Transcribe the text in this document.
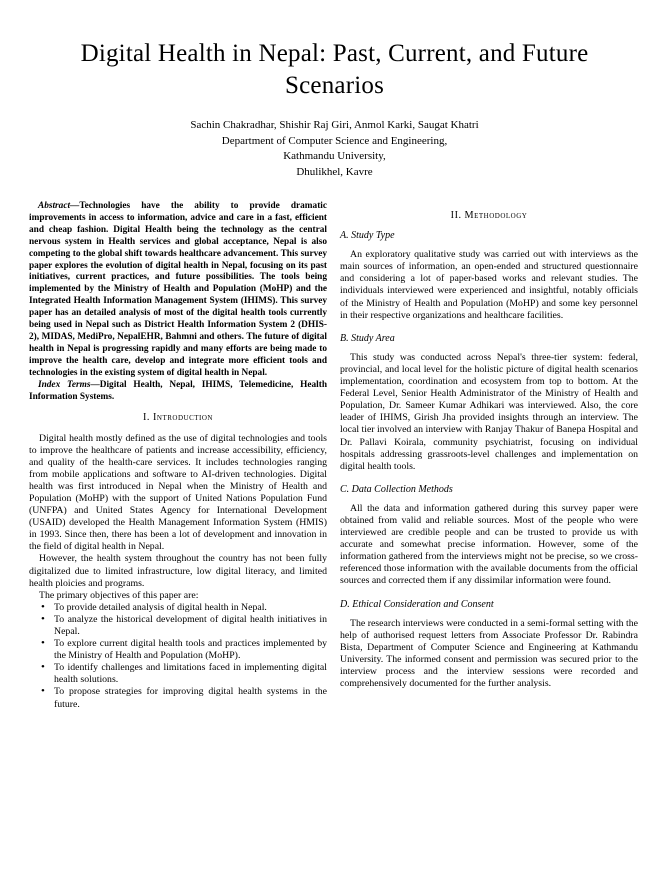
Digital Health in Nepal: Past, Current, and Future Scenarios
Sachin Chakradhar, Shishir Raj Giri, Anmol Karki, Saugat Khatri
Department of Computer Science and Engineering,
Kathmandu University,
Dhulikhel, Kavre

Abstract—Technologies have the ability to provide dramatic improvements in access to information, advice and care in a fast, efficient and cheap fashion. Digital Health being the technology as the central nervous system in Health services and global acceptance, Nepal is also competing to the global shift towards healthcare advancement. This survey paper explores the evolution of digital health in Nepal, focusing on its past initiatives, current practices, and future possibilities. The tools being implemented by the Ministry of Health and Population (MoHP) and the Integrated Health Information Management System (IHIMS). This survey paper has an detailed analysis of most of the digital health tools currently being used in Nepal such as District Health Information System 2 (DHIS-2), MIDAS, MediPro, NepalEHR, Bahmni and others. The future of digital health in Nepal is progressing rapidly and many efforts are being made to improve the health care, develop and integrate more efficient tools and technologies in the existing system of digital health in Nepal.

Index Terms—Digital Health, Nepal, IHIMS, Telemedicine, Health Information Systems.

I. Introduction

Digital health mostly defined as the use of digital technologies and tools to improve the healthcare of patients and increase accessibility, efficiency, and quality of the health-care services. It includes technologies ranging from mobile applications and software to AI-driven technologies. Digital health was first introduced in Nepal when the Ministry of Health and Population (MoHP) with the support of United Nations Population Fund (UNFPA) and United States Agency for International Development (USAID) developed the Health Management Information System (HMIS) in 1993. Since then, there has been a lot of development and innovation in the field of digital health in Nepal.

However, the health system throughout the country has not been fully digitalized due to limited infrastructure, low digital literacy, and limited health ploicies and programs.

The primary objectives of this paper are:

• To provide detailed analysis of digital health in Nepal.
• To analyze the historical development of digital health initiatives in Nepal.
• To explore current digital health tools and practices implemented by the Ministry of Health and Population (MoHP).
• To identify challenges and limitations faced in implementing digital health solutions.
• To propose strategies for improving digital health systems in the future.
II. Methodology
A. Study Type

An exploratory qualitative study was carried out with interviews as the main sources of information, an open-ended and structured questionnaire and considering a lot of paper-based works and relevant studies. The individuals interviewed were experienced and insightful, notably officials of the Ministry of Health and Population (MoHP) and some key personnel in their respective organizations and healthcare facilities.

B. Study Area

This study was conducted across Nepal's three-tier system: federal, provincial, and local level for the holistic picture of digital health scenarios implementation, coordination and ecosystem from top to bottom. At the Federal Level, Senior Health Administrator of the Ministry of Health and Population, Dr. Sameer Kumar Adhikari was interviewed. Also, the core leader of IHIMS, Girish Jha provided insights through an interview. The local tier involved an interview with Ranjay Thakur of Banepa Hospital and Dr. Pallavi Koirala, community psychiatrist, focusing on individual hospitals addressing grassroots-level challenges and implementation on digital health tools.

C. Data Collection Methods

All the data and information gathered during this survey paper were obtained from valid and reliable sources. Most of the people who were interviewed are credible people and can be trusted to provide us with accurate and somewhat precise information. However, some of the information gathered from the interviews might not be precise, so we cross-referenced those information with the available documents from the official sources and corrected them if any dissimilar information were found.

D. Ethical Consideration and Consent

The research interviews were conducted in a semi-formal setting with the help of authorised request letters from Associate Professor Dr. Rabindra Bista, Department of Computer Science and Engineering at Kathmandu University. The informed consent and permission was secured prior to the interview process and the interview sessions were recorded and comprehensively documented for the further analysis.
